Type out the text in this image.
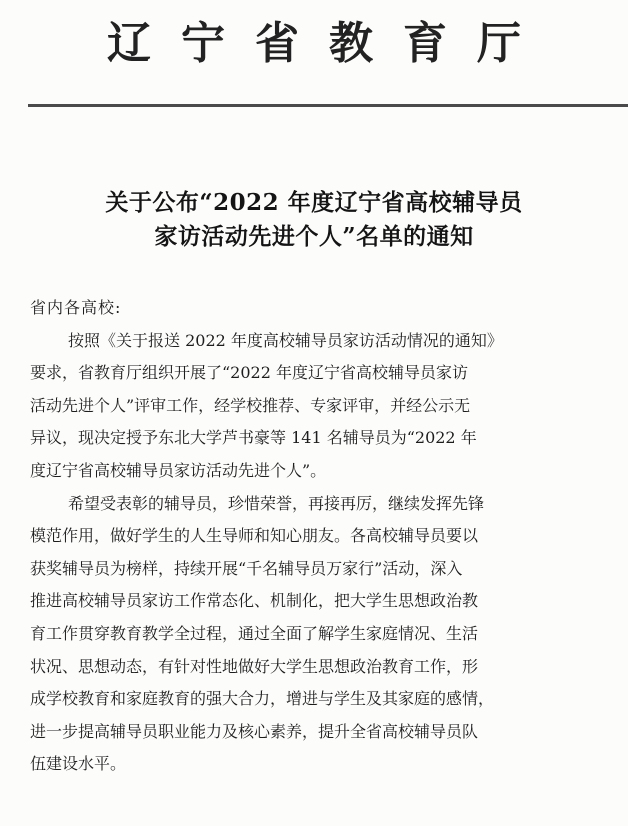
辽宁省教育厅
关于公布“2022 年度辽宁省高校辅导员
家访活动先进个人”名单的通知
省内各高校:
按照《关于报送 2022 年度高校辅导员家访活动情况的通知》
要求，省教育厅组织开展了“2022 年度辽宁省高校辅导员家访
活动先进个人”评审工作，经学校推荐、专家评审，并经公示无
异议，现决定授予东北大学芦书豪等 141 名辅导员为“2022 年
度辽宁省高校辅导员家访活动先进个人”。
希望受表彰的辅导员，珍惜荣誉，再接再厉，继续发挥先锋
模范作用，做好学生的人生导师和知心朋友。各高校辅导员要以
获奖辅导员为榜样，持续开展“千名辅导员万家行”活动，深入
推进高校辅导员家访工作常态化、机制化，把大学生思想政治教
育工作贯穿教育教学全过程，通过全面了解学生家庭情况、生活
状况、思想动态，有针对性地做好大学生思想政治教育工作，形
成学校教育和家庭教育的强大合力，增进与学生及其家庭的感情，
进一步提高辅导员职业能力及核心素养，提升全省高校辅导员队
伍建设水平。
